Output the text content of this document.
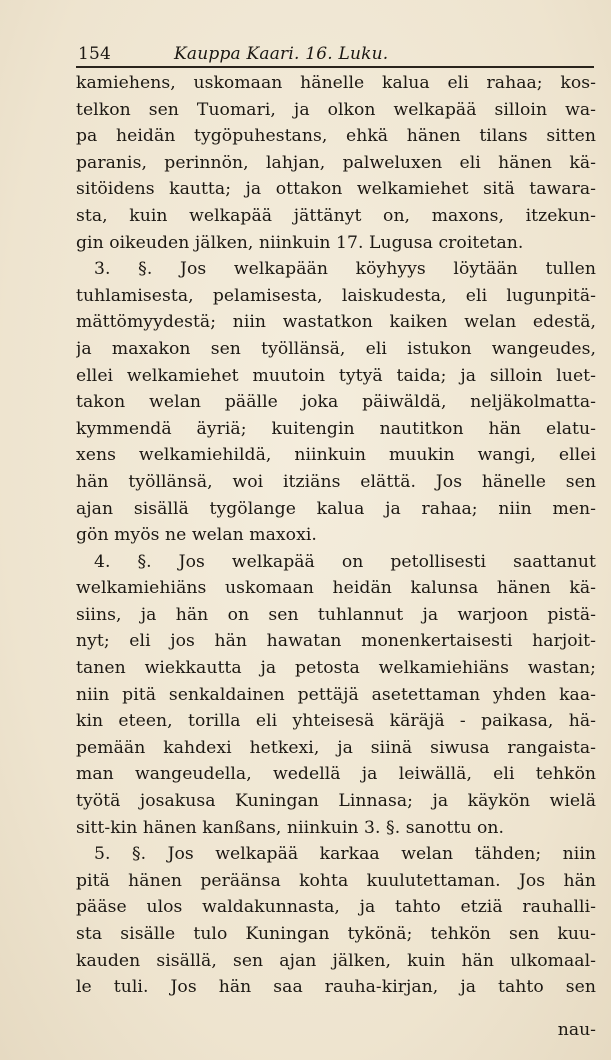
154	Kauppa Kaari. 16. Luku.
kamiehens, uskomaan hänelle kalua eli rahaa; kos-
telkon sen Tuomari, ja olkon welkapää silloin wa-
pa heidän tygöpuhestans, ehkä hänen tilans sitten
paranis, perinnön, lahjan, palweluxen eli hänen kä-
sitöidens kautta; ja ottakon welkamiehet sitä tawara-
sta, kuin welkapää jättänyt on, maxons, itzekun-
gin oikeuden jälken, niinkuin 17. Lugusa croitetan.
3. §. Jos welkapään köyhyys löytään tullen
tuhlamisesta, pelamisesta, laiskudesta, eli lugunpitä-
mättömyydestä; niin wastatkon kaiken welan edestä,
ja maxakon sen työllänsä, eli istukon wangeudes,
ellei welkamiehet muutoin tytyä taida; ja silloin luet-
takon welan päälle joka päiwäldä, neljäkolmatta-
kymmendä äyriä; kuitengin nautitkon hän elatu-
xens welkamiehildä, niinkuin muukin wangi, ellei
hän työllänsä, woi itziäns elättä. Jos hänelle sen
ajan sisällä tygölange kalua ja rahaa; niin men-
gön myös ne welan maxoxi.
4. §. Jos welkapää on petollisesti saattanut
welkamiehiäns uskomaan heidän kalunsa hänen kä-
siins, ja hän on sen tuhlannut ja warjoon pistä-
nyt; eli jos hän hawatan monenkertaisesti harjoit-
tanen wiekkautta ja petosta welkamiehiäns wastan;
niin pitä senkaldainen pettäjä asetettaman yhden kaa-
kin eteen, torilla eli yhteisesä käräjä - paikasa, hä-
pemään kahdexi hetkexi, ja siinä siwusa rangaista-
man wangeudella, wedellä ja leiwällä, eli tehkön
työtä josakusa Kuningan Linnasa; ja käykön wielä
sitt-kin hänen kanßans, niinkuin 3. §. sanottu on.
5. §. Jos welkapää karkaa welan tähden; niin
pitä hänen peräänsa kohta kuulutettaman. Jos hän
pääse ulos waldakunnasta, ja tahto etziä rauhalli-
sta sisälle tulo Kuningan tykönä; tehkön sen kuu-
kauden sisällä, sen ajan jälken, kuin hän ulkomaal-
le tuli. Jos hän saa rauha-kirjan, ja tahto sen
nau-
